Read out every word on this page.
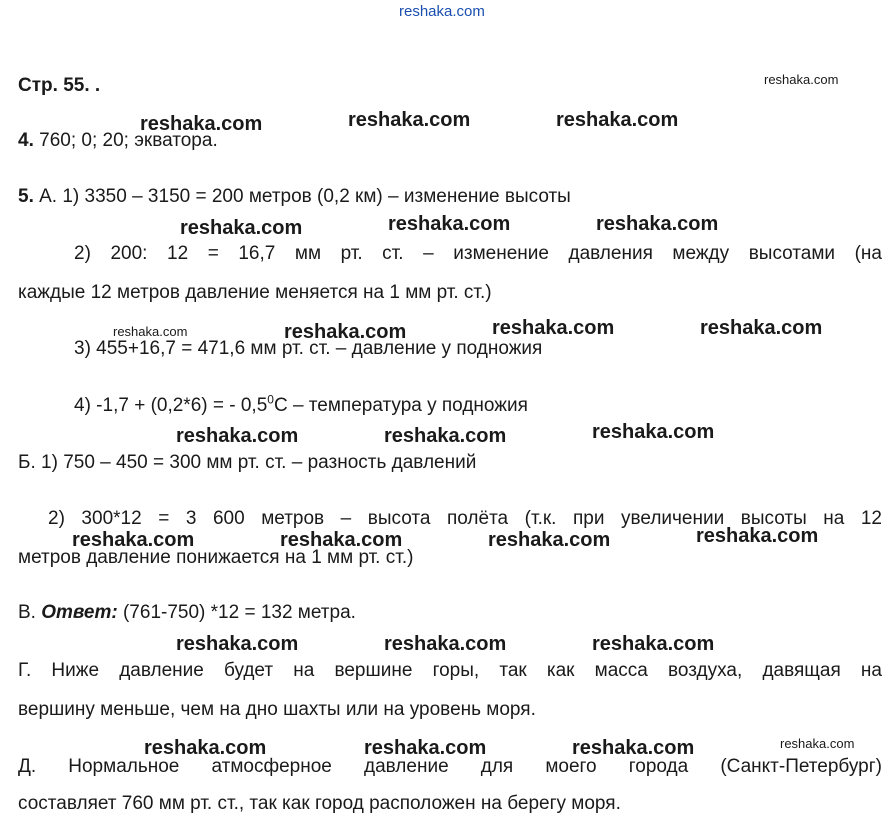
reshaka.com
Стр. 55. .	reshaka.com
reshaka.com	reshaka.com	reshaka.com
4. 760; 0; 20; экватора.
5. А. 1) 3350 – 3150 = 200 метров (0,2 км) – изменение высоты
reshaka.com	reshaka.com	reshaka.com
2) 200: 12 = 16,7 мм рт. ст. – изменение давления между высотами (на
каждые 12 метров давление меняется на 1 мм рт. ст.)
reshaka.com	reshaka.com	reshaka.com	reshaka.com
3) 455+16,7 = 471,6 мм рт. ст. – давление у подножия
4) -1,7 + (0,2*6) = - $0,5^0С$ – температура у подножия
reshaka.com	reshaka.com	reshaka.com
Б. 1) 750 – 450 = 300 мм рт. ст. – разность давлений
2) 300*12 = 3 600 метров – высота полёта (т.к. при увеличении высоты на 12
reshaka.com	reshaka.com	reshaka.com	reshaka.com
метров давление понижается на 1 мм рт. ст.)
В. Ответ: (761-750) *12 = 132 метра.
reshaka.com	reshaka.com	reshaka.com
Г. Ниже давление будет на вершине горы, так как масса воздуха, давящая на
вершину меньше, чем на дно шахты или на уровень моря.
reshaka.com	reshaka.com	reshaka.com	reshaka.com
Д. Нормальное атмосферное давление для моего города (Санкт-Петербург)
составляет 760 мм рт. ст., так как город расположен на берегу моря.
